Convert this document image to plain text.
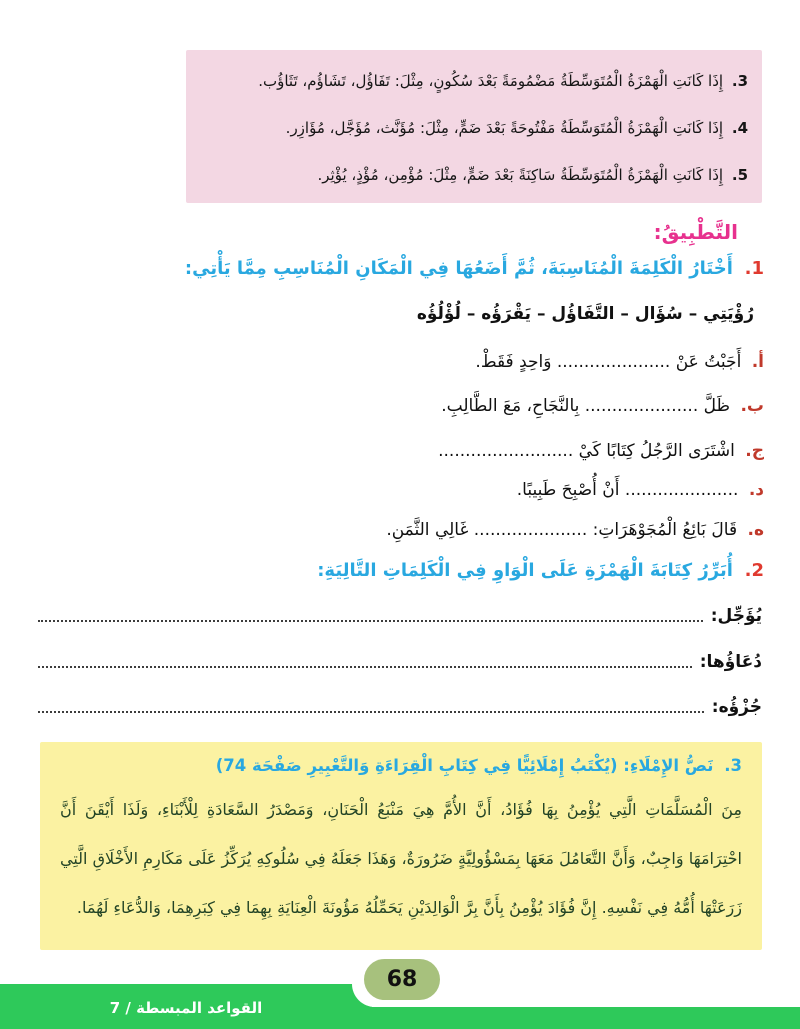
3. إِذَا كَانَتِ الْهَمْزَةُ الْمُتَوَسِّطَةُ مَضْمُومَةً بَعْدَ سُكُونٍ، مِثْلَ: تَفَاؤُل، تَشَاؤُم، تَثَاؤُب.
4. إِذَا كَانَتِ الْهَمْزَةُ الْمُتَوَسِّطَةُ مَفْتُوحَةً بَعْدَ ضَمٍّ، مِثْلَ: مُؤَنَّث، مُؤَجَّل، مُؤَازِر.
5. إِذَا كَانَتِ الْهَمْزَةُ الْمُتَوَسِّطَةُ سَاكِنَةً بَعْدَ ضَمٍّ، مِثْلَ: مُؤْمِن، مُؤْذٍ، يُؤْثِر.
التَّطْبِيقُ:
1. أَخْتَارُ الْكَلِمَةَ الْمُنَاسِبَةَ، ثُمَّ أَضَعُهَا فِي الْمَكَانِ الْمُنَاسِبِ مِمَّا يَأْتِي:
رُؤْيَتِي – سُؤَال – التَّفَاؤُل – يَقْرَؤُه – لُؤْلُؤُه
أ. أَجَبْتُ عَنْ ..................... وَاحِدٍ فَقَطْ.
ب. ظَلَّ ..................... بِالنَّجَاحِ، مَعَ الطَّالِبِ.
ج. اشْتَرَى الرَّجُلُ كِتَابًا كَيْ .........................
د. ..................... أَنْ أُصْبِحَ طَبِيبًا.
ه. قَالَ بَائِعُ الْمُجَوْهَرَاتِ: ..................... غَالِي الثَّمَنِ.
2. أُبَرِّرُ كِتَابَةَ الْهَمْزَةِ عَلَى الْوَاوِ فِي الْكَلِمَاتِ التَّالِيَةِ:
يُؤَجِّل:
دُعَاؤُها:
جُزْؤُه:
3. نَصُّ الإِمْلَاءِ: (يُكْتَبُ إِمْلَائِيًّا فِي كِتَابِ الْقِرَاءَةِ وَالتَّعْبِيرِ صَفْحَة 74)
مِنَ الْمُسَلَّمَاتِ الَّتِي يُؤْمِنُ بِهَا فُؤَادُ، أَنَّ الأُمَّ هِيَ مَنْبَعُ الْحَنَانِ، وَمَصْدَرُ السَّعَادَةِ لِلْأَبْنَاءِ، وَلَذَا أَيْقَنَ أَنَّ احْتِرَامَهَا وَاجِبٌ، وَأَنَّ التَّعَامُلَ مَعَهَا بِمَسْؤُولِيَّةٍ ضَرُورَةٌ، وَهَذَا جَعَلَهُ فِي سُلُوكِهِ يُرَكِّزُ عَلَى مَكَارِمِ الأَخْلَاقِ الَّتِي زَرَعَتْهَا أُمُّهُ فِي نَفْسِهِ. إِنَّ فُؤَادَ يُؤْمِنُ بِأَنَّ بِرَّ الْوَالِدَيْنِ يَحَمِّلُهُ مَؤُونَةَ الْعِنَايَةِ بِهِمَا فِي كِبَرِهِمَا، وَالدُّعَاءِ لَهُمَا.
68
القواعد المبسطة / 7
